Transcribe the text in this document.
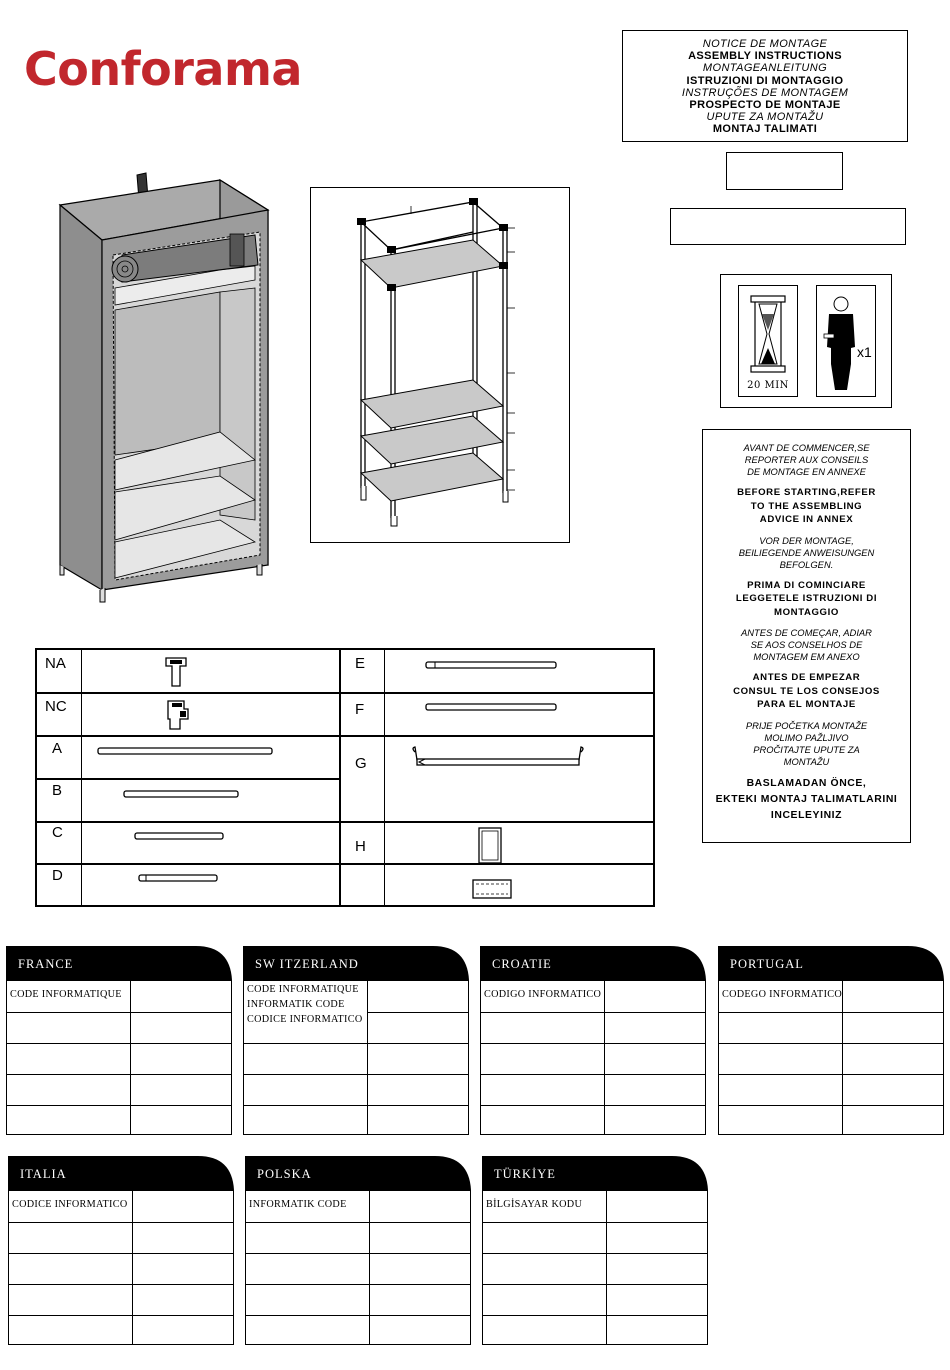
Conforama	NOTICE DE MONTAGE
ASSEMBLY INSTRUCTIONS
MONTAGEANLEITUNG
ISTRUZIONI DI MONTAGGIO
INSTRUÇÕES DE MONTAGEM
PROSPECTO DE MONTAJE
UPUTE ZA MONTAŽU
MONTAJ TALIMATI
20 MIN
x1
AVANT DE COMMENCER,SE
REPORTER AUX CONSEILS
DE MONTAGE EN ANNEXE
BEFORE STARTING,REFER
TO THE ASSEMBLING
ADVICE IN ANNEX
VOR DER MONTAGE,
BEILIEGENDE ANWEISUNGEN
BEFOLGEN.
PRIMA DI COMINCIARE
LEGGETELE ISTRUZIONI DI
MONTAGGIO
ANTES DE COMEÇAR, ADIAR
SE AOS CONSELHOS DE
MONTAGEM EM ANEXO
ANTES DE EMPEZAR
CONSUL TE LOS CONSEJOS
PARA EL MONTAJE
PRIJE POČETKA MONTAŽE
MOLIMO PAŽLJIVO
PROČITAJTE UPUTE ZA
MONTAŽU
BASLAMADAN ÖNCE,
EKTEKI MONTAJ TALIMATLARINI
INCELEYINIZ
NA
NC
A
B
C
D
E
F
G
H
FRANCE
CODE INFORMATIQUE
SW ITZERLAND
CODE INFORMATIQUE
INFORMATIK CODE
CODICE INFORMATICO
CROATIE
CODIGO INFORMATICO
PORTUGAL
CODEGO INFORMATICO
ITALIA
CODICE INFORMATICO
POLSKA
INFORMATIK CODE
TÜRKİYE
BİLGİSAYAR KODU
